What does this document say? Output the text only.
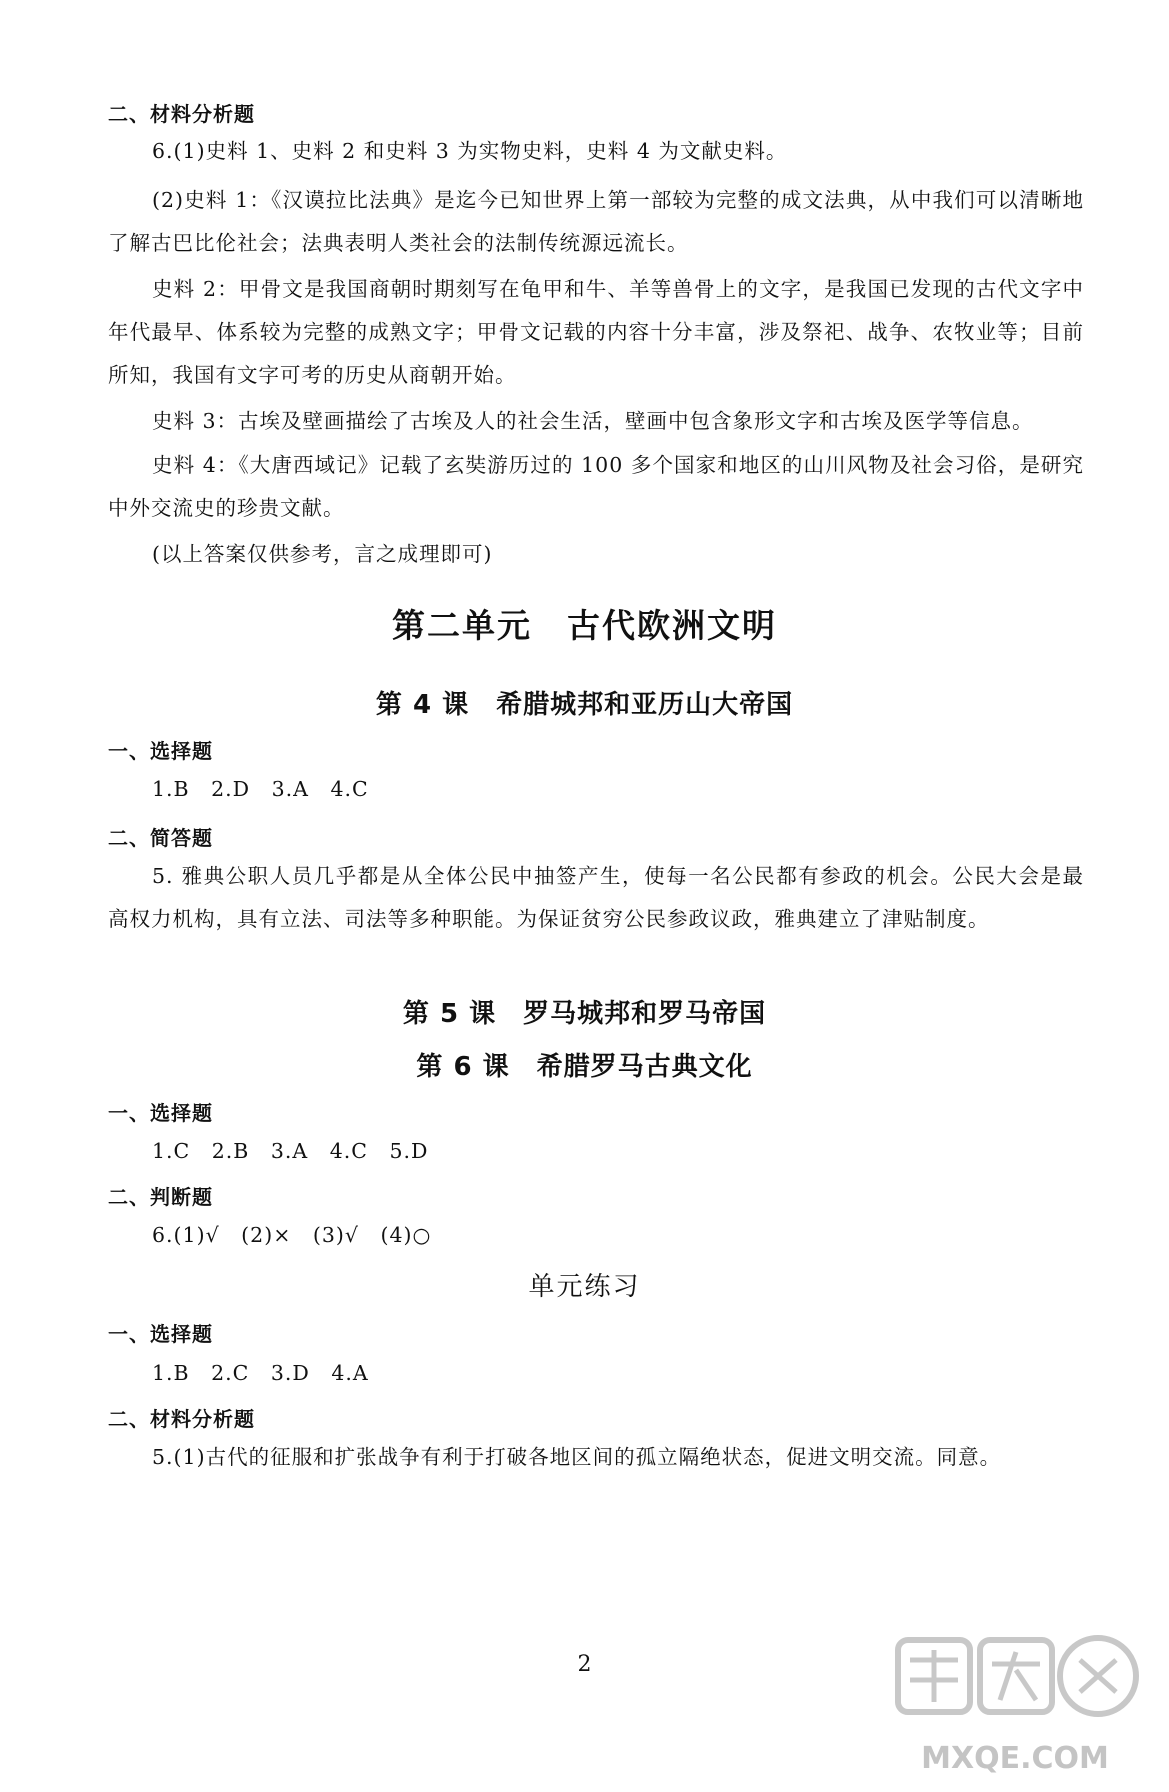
二、材料分析题

6.(1)史料 1、史料 2 和史料 3 为实物史料，史料 4 为文献史料。

(2)史料 1：《汉谟拉比法典》是迄今已知世界上第一部较为完整的成文法典，从中我们可以清晰地了解古巴比伦社会；法典表明人类社会的法制传统源远流长。

史料 2：甲骨文是我国商朝时期刻写在龟甲和牛、羊等兽骨上的文字，是我国已发现的古代文字中年代最早、体系较为完整的成熟文字；甲骨文记载的内容十分丰富，涉及祭祀、战争、农牧业等；目前所知，我国有文字可考的历史从商朝开始。

史料 3：古埃及壁画描绘了古埃及人的社会生活，壁画中包含象形文字和古埃及医学等信息。

史料 4：《大唐西域记》记载了玄奘游历过的 100 多个国家和地区的山川风物及社会习俗，是研究中外交流史的珍贵文献。

(以上答案仅供参考，言之成理即可)

第二单元　古代欧洲文明
第 4 课　希腊城邦和亚历山大帝国
一、选择题
1.B　2.D　3.A　4.C
二、简答题

5. 雅典公职人员几乎都是从全体公民中抽签产生，使每一名公民都有参政的机会。公民大会是最高权力机构，具有立法、司法等多种职能。为保证贫穷公民参政议政，雅典建立了津贴制度。

第 5 课　罗马城邦和罗马帝国
第 6 课　希腊罗马古典文化
一、选择题
1.C　2.B　3.A　4.C　5.D
二、判断题
6.(1)√　(2)×　(3)√　(4)○
单元练习
一、选择题
1.B　2.C　3.D　4.A
二、材料分析题

5.(1)古代的征服和扩张战争有利于打破各地区间的孤立隔绝状态，促进文明交流。同意。

2
MXQE.COM
